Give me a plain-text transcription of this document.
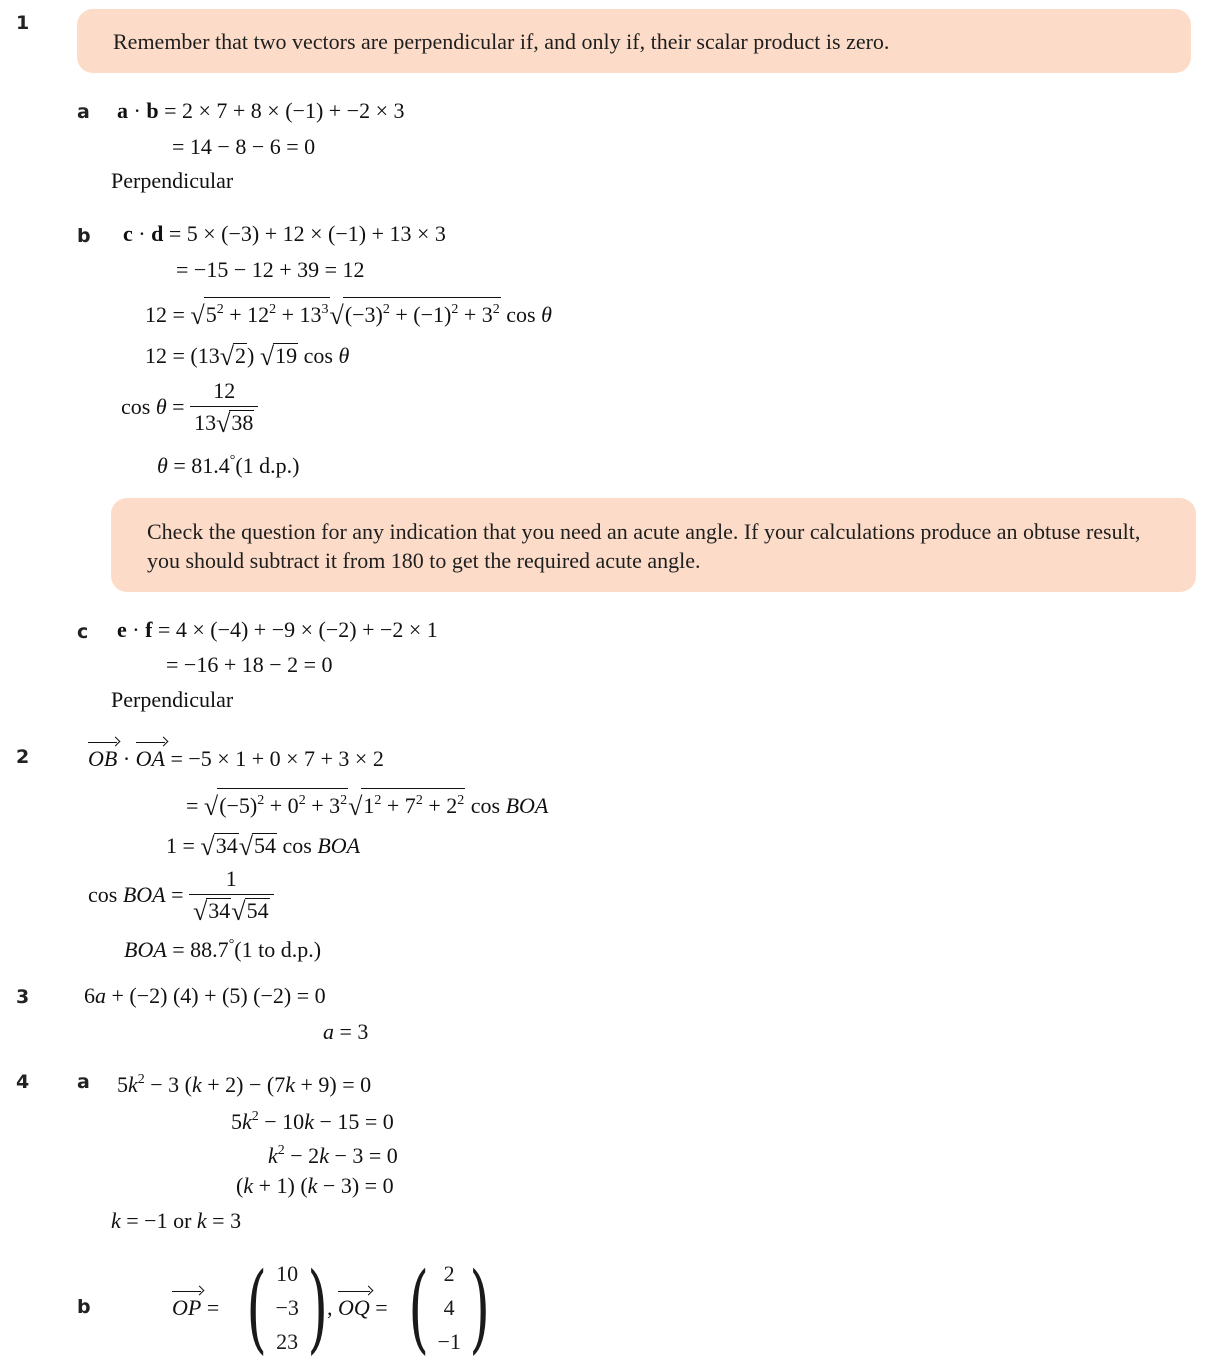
1
Remember that two vectors are perpendicular if, and only if, their scalar product is zero.
a a · b = 2 × 7 + 8 × (−1) + −2 × 3
= 14 − 8 − 6 = 0
Perpendicular
b c · d = 5 × (−3) + 12 × (−1) + 13 × 3
= −15 − 12 + 39 = 12
$12 = √5^2 + 12^2 + 13^3√(-3)^2 + (-1)^2 + 3^2$ cos θ
12 = (13√2) √19 cos θ
$\cos \theta = \frac{12}{13√38}$
θ = 81.4°(1 d.p.)
Check the question for any indication that you need an acute angle. If your calculations produce an obtuse result, you should subtract it from 180 to get the required acute angle.
c e · f = 4 × (−4) + −9 × (−2) + −2 × 1
= −16 + 18 − 2 = 0
Perpendicular
2	OB · OA = −5 × 1 + 0 × 7 + 3 × 2
= $√(-5)^2 + 0^2 + 3^2√1^2 + 7^2 + 2^2$ cos BOA
1 = √34√54 cos BOA
cos BOA = $\frac{1}{√34√54}$
BOA = 88.7°(1 to d.p.)
3 6a + (−2) (4) + (5) (−2) = 0
a = 3
4	a $5k^2 - 3$ (k + 2) − (7k + 9) = 0
$5k^2 - 10k - 15 = 0$
$k^2 - 2k - 3 = 0$
(k + 1) (k − 3) = 0
k = −1 or k = 3
b	OP = ( 10
−3
23 ) , OQ = ( 2
4
−1 )
